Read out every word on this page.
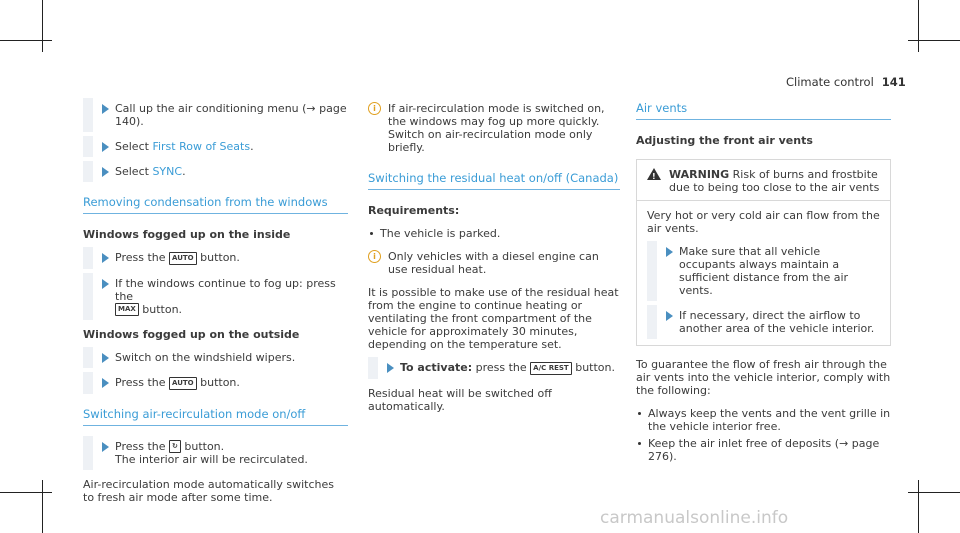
Climate control 141
Call up the air conditioning menu (→ page 140).
Select First Row of Seats.
Select SYNC.
Removing condensation from the windows
Windows fogged up on the inside
Press the AUTO button.
If the windows continue to fog up: press the
MAX button.
Windows fogged up on the outside
Switch on the windshield wipers.
Press the AUTO button.
Switching air-recirculation mode on/off
Press the ↻ button.
The interior air will be recirculated.
Air-recirculation mode automatically switches to fresh air mode after some time.
i	If air-recirculation mode is switched on, the windows may fog up more quickly. Switch on air-recirculation mode only briefly.
Switching the residual heat on/off (Canada)
Requirements:
The vehicle is parked.
i	Only vehicles with a diesel engine can use residual heat.
It is possible to make use of the residual heat from the engine to continue heating or ventilating the front compartment of the vehicle for approximately 30 minutes, depending on the temperature set.
To activate: press the A/C REST button.
Residual heat will be switched off automatically.
Air vents
Adjusting the front air vents
! WARNING Risk of burns and frostbite due to being too close to the air vents
Very hot or very cold air can flow from the air vents.
Make sure that all vehicle occupants always maintain a sufficient distance from the air vents.
If necessary, direct the airflow to another area of the vehicle interior.
To guarantee the flow of fresh air through the air vents into the vehicle interior, comply with the following:
Always keep the vents and the vent grille in the vehicle interior free.
Keep the air inlet free of deposits (→ page 276).
carmanualsonline.info
